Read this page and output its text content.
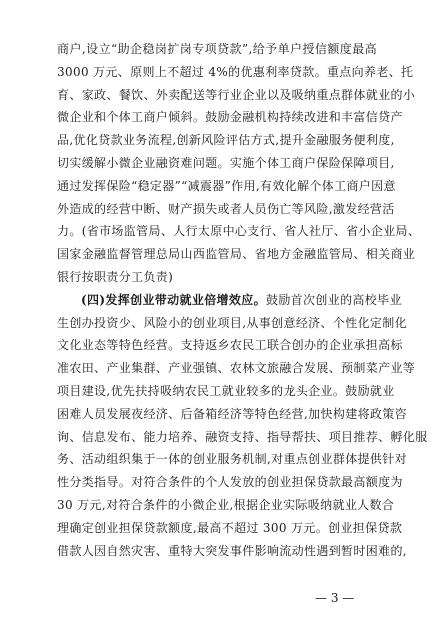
商户,设立“助企稳岗扩岗专项贷款”,给予单户授信额度最高
3000 万元、原则上不超过 4%的优惠利率贷款。重点向养老、托
育、家政、餐饮、外卖配送等行业企业以及吸纳重点群体就业的小
微企业和个体工商户倾斜。鼓励金融机构持续改进和丰富信贷产
品,优化贷款业务流程,创新风险评估方式,提升金融服务便利度,
切实缓解小微企业融资难问题。实施个体工商户保险保障项目,
通过发挥保险“稳定器”“减震器”作用,有效化解个体工商户因意
外造成的经营中断、财产损失或者人员伤亡等风险,激发经营活
力。(省市场监管局、人行太原中心支行、省人社厅、省小企业局、
国家金融监督管理总局山西监管局、省地方金融监管局、相关商业
银行按职责分工负责)
(四)发挥创业带动就业倍增效应。鼓励首次创业的高校毕业
生创办投资少、风险小的创业项目,从事创意经济、个性化定制化
文化业态等特色经营。支持返乡农民工联合创办的企业承担高标
准农田、产业集群、产业强镇、农林文旅融合发展、预制菜产业等
项目建设,优先扶持吸纳农民工就业较多的龙头企业。鼓励就业
困难人员发展夜经济、后备箱经济等特色经营,加快构建将政策咨
询、信息发布、能力培养、融资支持、指导帮扶、项目推荐、孵化服
务、活动组织集于一体的创业服务机制,对重点创业群体提供针对
性分类指导。对符合条件的个人发放的创业担保贷款最高额度为
30 万元,对符合条件的小微企业,根据企业实际吸纳就业人数合
理确定创业担保贷款额度,最高不超过 300 万元。创业担保贷款
借款人因自然灾害、重特大突发事件影响流动性遇到暂时困难的,
— 3 —
